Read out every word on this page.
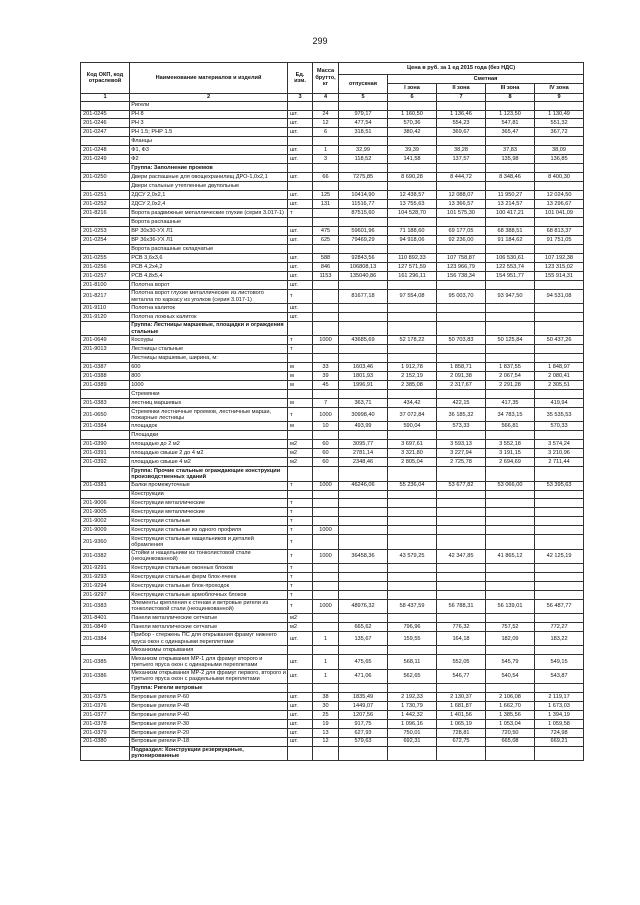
299
Код ОКП, код отраслевой	Наименование материалов и изделий	Ед. изм.	Масса брутто, кг	Цена в руб. за 1 ед 2015 года (без НДС)				
				отпускная	Сметная			
					I зона	II зона	III зона	IV зона
1	2	3	4	5	6	7	8	9
	Ригели							
201-0245	РН 8	шт.	24	979,17	1 160,50	1 136,46	1 123,50	1 130,49
201-0246	РН 3	шт.	12	477,54	570,36	554,23	547,81	551,32
201-0247	РН 1.5; РНР 1.5	шт.	6	318,51	380,42	369,67	365,47	367,72
	Фланцы							
201-0248	Ф1, Ф3	шт.	1	32,99	39,39	38,28	37,83	38,09
201-0249	Ф2	шт.	3	118,52	141,58	137,57	135,98	136,85
	Группа: Заполнение проемов							
201-0250	Двери распашные для овощехранилищ ДРО-1,0x2,1	шт.	66	7275,85	8 690,28	8 444,72	8 348,46	8 400,30
	Двери стальные утепленные двупольные							
201-0251	2ДСУ 2,0x2,1	шт.	125	10414,90	12 438,57	12 088,07	11 950,27	12 024,50
201-0252	2ДСУ 2,0x2,4	шт.	131	11516,77	13 755,63	13 366,57	13 214,57	13 296,67
201-8216	Ворота раздвижные металлические глухие (серия 3.017-1)	т		87515,60	104 528,70	101 575,30	100 417,21	101 041,09
	Ворота распашные							
201-0253	ВР 30x30-УХ Л1	шт.	475	59601,96	71 188,60	69 177,05	68 388,51	68 813,37
201-0254	ВР 36x36-УХ Л1	шт.	625	79469,29	94 918,06	92 236,00	91 184,62	91 751,05
	Ворота распашные складчатые							
201-0255	РСВ 3,6x3,6	шт.	588	92843,56	110 892,33	107 758,87	106 530,61	107 192,38
201-0256	РСВ 4,2x4,2	шт.	846	106808,13	127 571,59	123 966,79	122 553,74	123 315,02
201-0257	РСВ 4,8x5,4	шт.	1153	135040,86	161 296,11	156 738,34	154 951,77	155 914,31
201-8100	Полотна ворот	шт.						
201-8217	Полотна ворот глухие металлические из листового металла по каркасу из уголков (серия 3.017-1)	т		81677,18	97 554,08	95 003,70	93 947,50	94 531,08
201-9110	Полотна калиток	шт.						
201-9120	Полотна ложных калиток	шт.						
	Группа: Лестницы маршевые, площадки и ограждения стальные							
201-0649	Косоуры	т	1000	43685,69	52 178,22	50 703,83	50 125,84	50 437,26
201-9013	Лестницы стальные	т						
	Лестницы маршевые, ширина, м:							
201-0387	600	м	33	1603,46	1 912,78	1 858,71	1 837,55	1 848,97
201-0388	800	м	39	1801,93	2 152,19	2 091,38	2 067,54	2 080,41
201-0389	1000	м	45	1996,91	2 385,08	2 317,67	2 291,28	2 305,51
	Стремянки							
201-0383	лестниц маршевых	м	7	363,71	434,42	422,15	417,35	419,94
201-0650	Стремянки лестничные проемов, лестничные марши, пожарные лестницы	т	1000	30998,40	37 072,84	36 185,32	34 783,15	35 535,53
201-0384	площадок	м	10	493,99	590,04	573,33	566,81	570,33
	Площадки							
201-0390	площадью до 2 м2	м2	60	3095,77	3 697,61	3 593,13	3 552,18	3 574,24
201-0391	площадью свыше 2 до 4 м2	м2	60	2781,14	3 321,80	3 227,94	3 191,15	3 210,96
201-0392	площадью свыше 4 м2	м2	60	2348,46	2 805,04	2 725,78	2 694,69	2 711,44
	Группа: Прочие стальные ограждающие конструкции производственных зданий							
201-0381	Балки промежуточные	т	1000	46246,06	55 236,04	53 677,82	53 066,00	53 395,63
	Конструкции							
201-9006	Конструкции металлические	т						
201-9005	Конструкции металлические	т						
201-9002	Конструкции стальные	т						
201-9009	Конструкции стальные из одного профиля	т	1000					
201-9360	Конструкции стальные нащельников и деталей обрамления	т						
201-0382	Стойки и нащельники из тонколистовой стали (неоцинкованной)	т	1000	36458,36	43 579,25	42 347,85	41 865,12	42 125,19
201-9291	Конструкции стальные оконных блоков	т						
201-9293	Конструкции стальные ферм блок-ячеек	т						
201-9294	Конструкции стальные блок-проходок	т						
201-9297	Конструкции стальные армоблочных блоков	т						
201-0383	Элементы крепления к стенам и ветровые ригели из тонколистовой стали (неоцинкованной)	т	1000	48976,32	58 437,59	56 788,31	56 139,01	56 487,77
201-8401	Панели металлические сетчатые	м2						
201-0849	Панели металлические сетчатые	м2		665,62	796,96	776,32	757,52	772,27
201-0384	Прибор - стержень ПС для открывания фрамуг нижнего яруса окон с одинарными переплетами	шт.	1	135,67	159,55	164,18	182,09	183,22
	Механизмы открывания							
201-0385	Механизм открывания МР-1 для фрамуг второго и третьего яруса окон с одинарными переплетами	шт.	1	475,65	568,11	552,05	545,79	549,15
201-0386	Механизм открывания МР-2 для фрамуг первого, второго и третьего яруса окон с раздельными переплетами	шт.	1	471,06	562,65	546,77	540,54	543,87
	Группа: Ригели ветровые							
201-0375	Ветровые ригели Р-60	шт.	38	1835,49	2 192,33	2 130,37	2 106,08	2 119,17
201-0376	Ветровые ригели Р-48	шт.	30	1449,07	1 730,79	1 681,87	1 662,70	1 673,03
201-0377	Ветровые ригели Р-40	шт.	25	1207,56	1 442,32	1 401,56	1 385,56	1 394,19
201-0378	Ветровые ригели Р-30	шт.	19	917,75	1 096,16	1 065,19	1 053,04	1 059,58
201-0379	Ветровые ригели Р-20	шт.	13	627,93	750,01	728,81	720,50	724,98
201-0380	Ветровые ригели Р-18	шт.	12	579,63	692,31	672,75	665,08	669,21
	Подраздел: Конструкции резервуарные, рулонированные							
